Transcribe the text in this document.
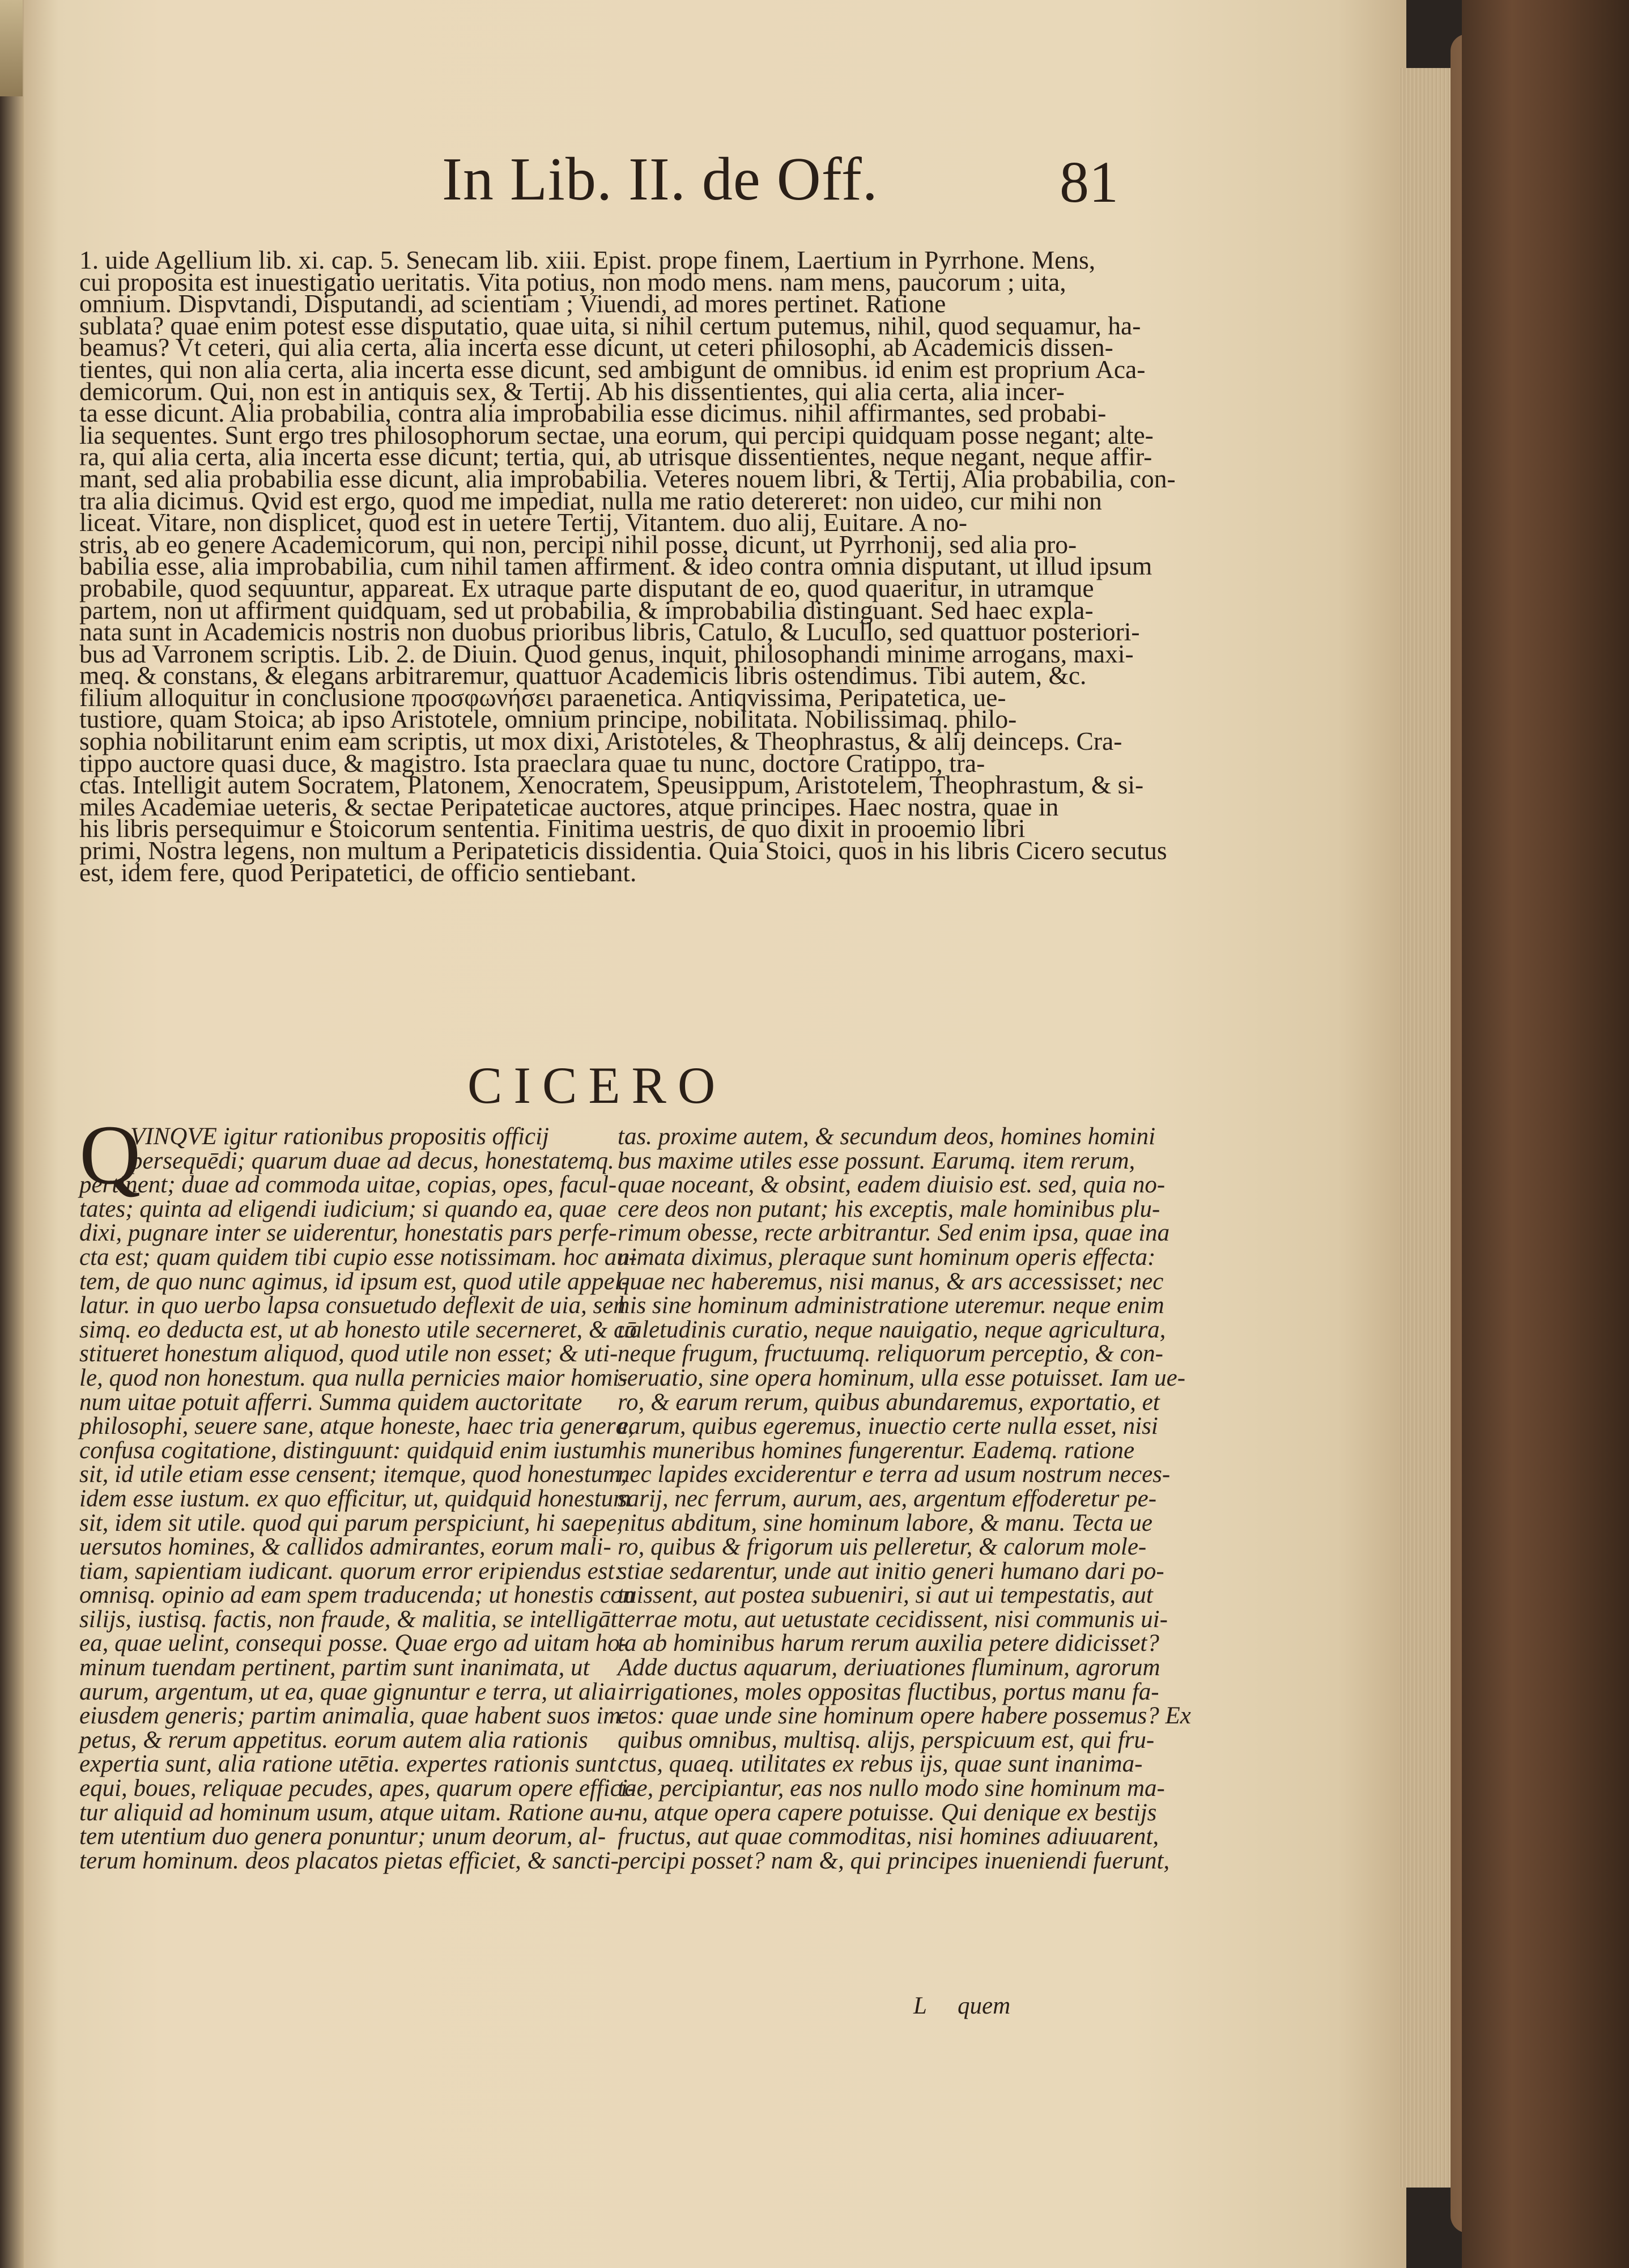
In Lib. II. de Off.	81
1. uide Agellium lib. xi. cap. 5. Senecam lib. xiii. Epist. prope finem, Laertium in Pyrrhone. Mens,
cui proposita est inuestigatio ueritatis. Vita potius, non modo mens. nam mens, paucorum ; uita,
omnium. Dispvtandi, Disputandi, ad scientiam ; Viuendi, ad mores pertinet. Ratione
sublata? quae enim potest esse disputatio, quae uita, si nihil certum putemus, nihil, quod sequamur, ha-
beamus? Vt ceteri, qui alia certa, alia incerta esse dicunt, ut ceteri philosophi, ab Academicis dissen-
tientes, qui non alia certa, alia incerta esse dicunt, sed ambigunt de omnibus. id enim est proprium Aca-
demicorum. Qui, non est in antiquis sex, & Tertij. Ab his dissentientes, qui alia certa, alia incer-
ta esse dicunt. Alia probabilia, contra alia improbabilia esse dicimus. nihil affirmantes, sed probabi-
lia sequentes. Sunt ergo tres philosophorum sectae, una eorum, qui percipi quidquam posse negant; alte-
ra, qui alia certa, alia incerta esse dicunt; tertia, qui, ab utrisque dissentientes, neque negant, neque affir-
mant, sed alia probabilia esse dicunt, alia improbabilia. Veteres nouem libri, & Tertij, Alia probabilia, con-
tra alia dicimus. Qvid est ergo, quod me impediat, nulla me ratio detereret: non uideo, cur mihi non
liceat. Vitare, non displicet, quod est in uetere Tertij, Vitantem. duo alij, Euitare. A no-
stris, ab eo genere Academicorum, qui non, percipi nihil posse, dicunt, ut Pyrrhonij, sed alia pro-
babilia esse, alia improbabilia, cum nihil tamen affirment. & ideo contra omnia disputant, ut illud ipsum
probabile, quod sequuntur, appareat. Ex utraque parte disputant de eo, quod quaeritur, in utramque
partem, non ut affirment quidquam, sed ut probabilia, & improbabilia distinguant. Sed haec expla-
nata sunt in Academicis nostris non duobus prioribus libris, Catulo, & Lucullo, sed quattuor posteriori-
bus ad Varronem scriptis. Lib. 2. de Diuin. Quod genus, inquit, philosophandi minime arrogans, maxi-
meq. & constans, & elegans arbitraremur, quattuor Academicis libris ostendimus. Tibi autem, &c.
filium alloquitur in conclusione προσφωνήσει paraenetica. Antiqvissima, Peripatetica, ue-
tustiore, quam Stoica; ab ipso Aristotele, omnium principe, nobilitata. Nobilissimaq. philo-
sophia nobilitarunt enim eam scriptis, ut mox dixi, Aristoteles, & Theophrastus, & alij deinceps. Cra-
tippo auctore quasi duce, & magistro. Ista praeclara quae tu nunc, doctore Cratippo, tra-
ctas. Intelligit autem Socratem, Platonem, Xenocratem, Speusippum, Aristotelem, Theophrastum, & si-
miles Academiae ueteris, & sectae Peripateticae auctores, atque principes. Haec nostra, quae in
his libris persequimur e Stoicorum sententia. Finitima uestris, de quo dixit in prooemio libri
primi, Nostra legens, non multum a Peripateticis dissidentia. Quia Stoici, quos in his libris Cicero secutus
est, idem fere, quod Peripatetici, de officio sentiebant.
CICERO
Q
VINQVE igitur rationibus propositis officij
persequēdi; quarum duae ad decus, honestatemq.
pertinent; duae ad commoda uitae, copias, opes, facul-
tates; quinta ad eligendi iudicium; si quando ea, quae
dixi, pugnare inter se uiderentur, honestatis pars perfe-
cta est; quam quidem tibi cupio esse notissimam. hoc au-
tem, de quo nunc agimus, id ipsum est, quod utile appel-
latur. in quo uerbo lapsa consuetudo deflexit de uia, sen
simq. eo deducta est, ut ab honesto utile secerneret, & cō
stitueret honestum aliquod, quod utile non esset; & uti-
le, quod non honestum. qua nulla pernicies maior homi-
num uitae potuit afferri. Summa quidem auctoritate
philosophi, seuere sane, atque honeste, haec tria genera,
confusa cogitatione, distinguunt: quidquid enim iustum
sit, id utile etiam esse censent; itemque, quod honestum,
idem esse iustum. ex quo efficitur, ut, quidquid honestum
sit, idem sit utile. quod qui parum perspiciunt, hi saepe,
uersutos homines, & callidos admirantes, eorum mali-
tiam, sapientiam iudicant. quorum error eripiendus est:
omnisq. opinio ad eam spem traducenda; ut honestis con
silijs, iustisq. factis, non fraude, & malitia, se intelligāt
ea, quae uelint, consequi posse. Quae ergo ad uitam ho-
minum tuendam pertinent, partim sunt inanimata, ut
aurum, argentum, ut ea, quae gignuntur e terra, ut alia
eiusdem generis; partim animalia, quae habent suos im-
petus, & rerum appetitus. eorum autem alia rationis
expertia sunt, alia ratione utētia. expertes rationis sunt
equi, boues, reliquae pecudes, apes, quarum opere effici-
tur aliquid ad hominum usum, atque uitam. Ratione au-
tem utentium duo genera ponuntur; unum deorum, al-
terum hominum. deos placatos pietas efficiet, & sancti-
tas. proxime autem, & secundum deos, homines homini
bus maxime utiles esse possunt. Earumq. item rerum,
quae noceant, & obsint, eadem diuisio est. sed, quia no-
cere deos non putant; his exceptis, male hominibus plu-
rimum obesse, recte arbitrantur. Sed enim ipsa, quae ina
nimata diximus, pleraque sunt hominum operis effecta:
quae nec haberemus, nisi manus, & ars accessisset; nec
his sine hominum administratione uteremur. neque enim
ualetudinis curatio, neque nauigatio, neque agricultura,
neque frugum, fructuumq. reliquorum perceptio, & con-
seruatio, sine opera hominum, ulla esse potuisset. Iam ue-
ro, & earum rerum, quibus abundaremus, exportatio, et
earum, quibus egeremus, inuectio certe nulla esset, nisi
his muneribus homines fungerentur. Eademq. ratione
nec lapides exciderentur e terra ad usum nostrum neces-
sarij, nec ferrum, aurum, aes, argentum effoderetur pe-
nitus abditum, sine hominum labore, & manu. Tecta ue
ro, quibus & frigorum uis pelleretur, & calorum mole-
stiae sedarentur, unde aut initio generi humano dari po-
tuissent, aut postea subueniri, si aut ui tempestatis, aut
terrae motu, aut uetustate cecidissent, nisi communis ui-
ta ab hominibus harum rerum auxilia petere didicisset?
Adde ductus aquarum, deriuationes fluminum, agrorum
irrigationes, moles oppositas fluctibus, portus manu fa-
ctos: quae unde sine hominum opere habere possemus? Ex
quibus omnibus, multisq. alijs, perspicuum est, qui fru-
ctus, quaeq. utilitates ex rebus ijs, quae sunt inanima-
tae, percipiantur, eas nos nullo modo sine hominum ma-
nu, atque opera capere potuisse. Qui denique ex bestijs
fructus, aut quae commoditas, nisi homines adiuuarent,
percipi posset? nam &, qui principes inueniendi fuerunt,
L quem
